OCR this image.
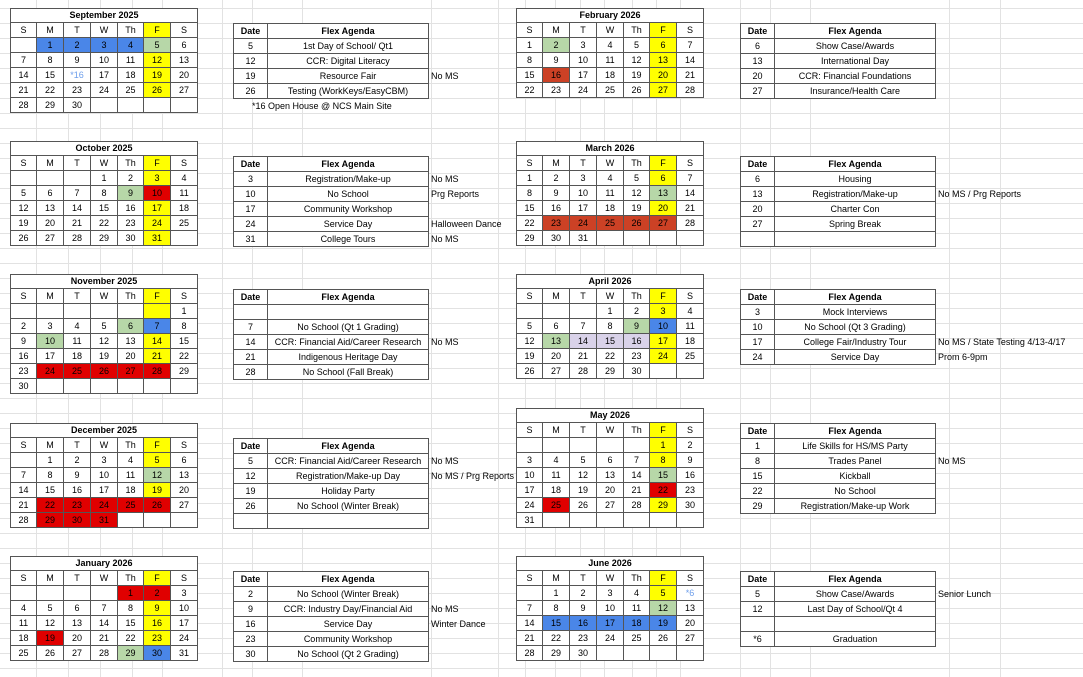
September 2025						
S	M	T	W	Th	F	S
	1	2	3	4	5	6
7	8	9	10	11	12	13
14	15	*16	17	18	19	20
21	22	23	24	25	26	27
28	29	30				
October 2025						
S	M	T	W	Th	F	S
			1	2	3	4
5	6	7	8	9	10	11
12	13	14	15	16	17	18
19	20	21	22	23	24	25
26	27	28	29	30	31	
November 2025						
S	M	T	W	Th	F	S
						1
2	3	4	5	6	7	8
9	10	11	12	13	14	15
16	17	18	19	20	21	22
23	24	25	26	27	28	29
30						
December 2025						
S	M	T	W	Th	F	S
	1	2	3	4	5	6
7	8	9	10	11	12	13
14	15	16	17	18	19	20
21	22	23	24	25	26	27
28	29	30	31			
January 2026						
S	M	T	W	Th	F	S
				1	2	3
4	5	6	7	8	9	10
11	12	13	14	15	16	17
18	19	20	21	22	23	24
25	26	27	28	29	30	31
February 2026						
S	M	T	W	Th	F	S
1	2	3	4	5	6	7
8	9	10	11	12	13	14
15	16	17	18	19	20	21
22	23	24	25	26	27	28
March 2026						
S	M	T	W	Th	F	S
1	2	3	4	5	6	7
8	9	10	11	12	13	14
15	16	17	18	19	20	21
22	23	24	25	26	27	28
29	30	31				
April 2026						
S	M	T	W	Th	F	S
			1	2	3	4
5	6	7	8	9	10	11
12	13	14	15	16	17	18
19	20	21	22	23	24	25
26	27	28	29	30		
May 2026						
S	M	T	W	Th	F	S
					1	2
3	4	5	6	7	8	9
10	11	12	13	14	15	16
17	18	19	20	21	22	23
24	25	26	27	28	29	30
31						
June 2026						
S	M	T	W	Th	F	S
	1	2	3	4	5	*6
7	8	9	10	11	12	13
14	15	16	17	18	19	20
21	22	23	24	25	26	27
28	29	30				
Date	Flex Agenda	
5	1st Day of School/ Qt1	
12	CCR: Digital Literacy	
19	Resource Fair	No MS
26	Testing (WorkKeys/EasyCBM)	
Date	Flex Agenda	
3	Registration/Make-up	No MS
10	No School	Prg Reports
17	Community Workshop	
24	Service Day	Halloween Dance
31	College Tours	No MS
Date	Flex Agenda	

7	No School (Qt 1 Grading)	
14	CCR: Financial Aid/Career Research	No MS
21	Indigenous Heritage Day	
28	No School (Fall Break)	
Date	Flex Agenda	
5	CCR: Financial Aid/Career Research	No MS
12	Registration/Make-up Day	No MS / Prg Reports
19	Holiday Party	
26	No School (Winter Break)	

Date	Flex Agenda	
2	No School (Winter Break)	
9	CCR: Industry Day/Financial Aid	No MS
16	Service Day	Winter Dance
23	Community Workshop	
30	No School (Qt 2 Grading)	
Date	Flex Agenda	
6	Show Case/Awards	
13	International Day	
20	CCR: Financial Foundations	
27	Insurance/Health Care	
Date	Flex Agenda	
6	Housing	
13	Registration/Make-up	No MS / Prg Reports
20	Charter Con	
27	Spring Break	

Date	Flex Agenda	
3	Mock Interviews	
10	No School (Qt 3 Grading)	
17	College Fair/Industry Tour	No MS / State Testing 4/13-4/17
24	Service Day	Prom 6-9pm
Date	Flex Agenda	
1	Life Skills for HS/MS Party	
8	Trades Panel	No MS
15	Kickball	
22	No School	
29	Registration/Make-up Work	
Date	Flex Agenda	
5	Show Case/Awards	Senior Lunch
12	Last Day of School/Qt 4	

*6	Graduation	
*16 Open House @ NCS Main Site
